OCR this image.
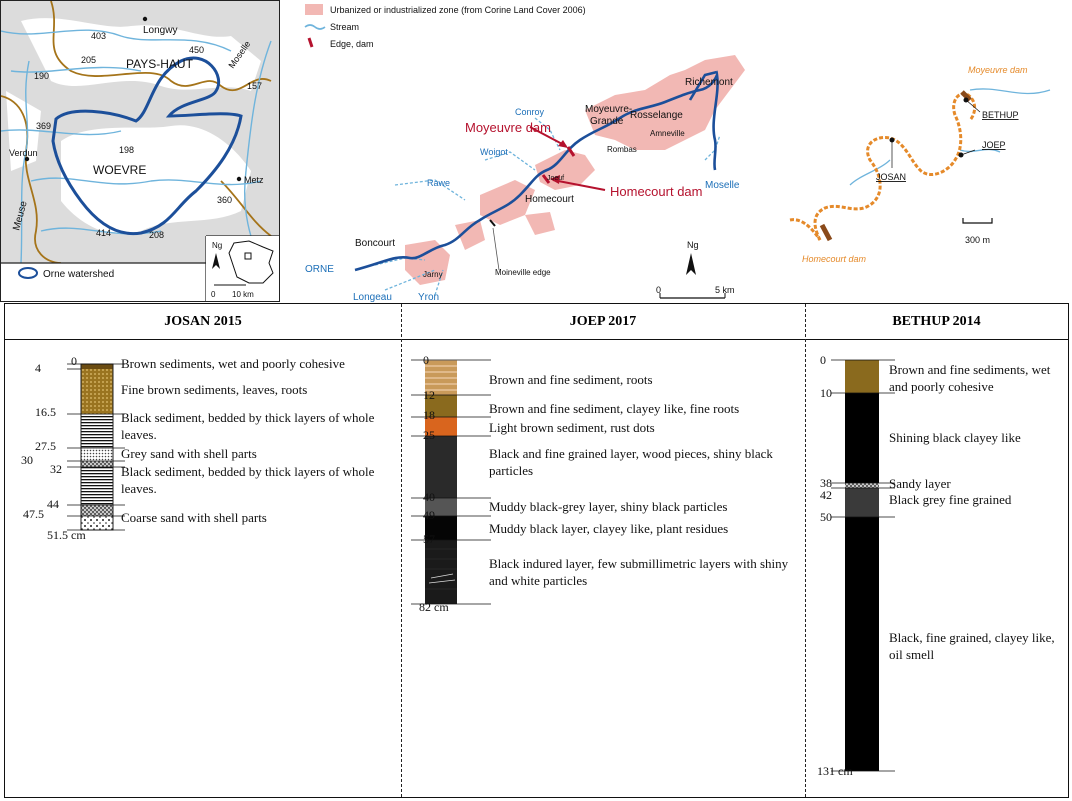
Longwy
PAYS-HAUT	Moselle
Verdun
WOEVRE
Metz
Meuse
403
450
205
190
157
369
198
360
414	208
Orne watershed
Ng
0 10 km
Urbanized or industrialized zone (from Corine Land Cover 2006)
Stream
Edge, dam
Richemont
Conroy	Moyeuvre-
Grande
Rosselange
Amneville
Rombas
Moyeuvre dam
Woigot
Joeuf
Homecourt dam
Rawe
Homecourt
Moselle
Boncourt
ORNE	Jarny	Moineville edge
Longeau	Yron
Ng
0	5 km
Moyeuvre dam
BETHUP
JOEP
JOSAN
Homecourt dam
300 m
JOSAN 2015	JOEP 2017	BETHUP 2014
0
4
16.5
27.5
30
32
44
47.5
51.5 cm
Brown sediments, wet and poorly cohesive
Fine brown sediments, leaves, roots
Black sediment, bedded by thick layers of whole leaves.
Grey sand with shell parts
Black sediment, bedded by thick layers of whole leaves.
Coarse sand with shell parts
0
12
18
25
40
49
57
82 cm
Brown and fine sediment, roots
Brown and fine sediment, clayey like, fine roots
Light brown sediment, rust dots
Black and fine grained layer, wood pieces, shiny black particles
Muddy black-grey layer, shiny black particles
Muddy black layer, clayey like, plant residues
Black indured layer, few submillimetric layers with shiny and white particles
0
10
38
42
50
131 cm
Brown and fine sediments, wet and poorly cohesive
Shining black clayey like
Sandy layer
Black grey fine grained
Black, fine grained, clayey like, oil smell
